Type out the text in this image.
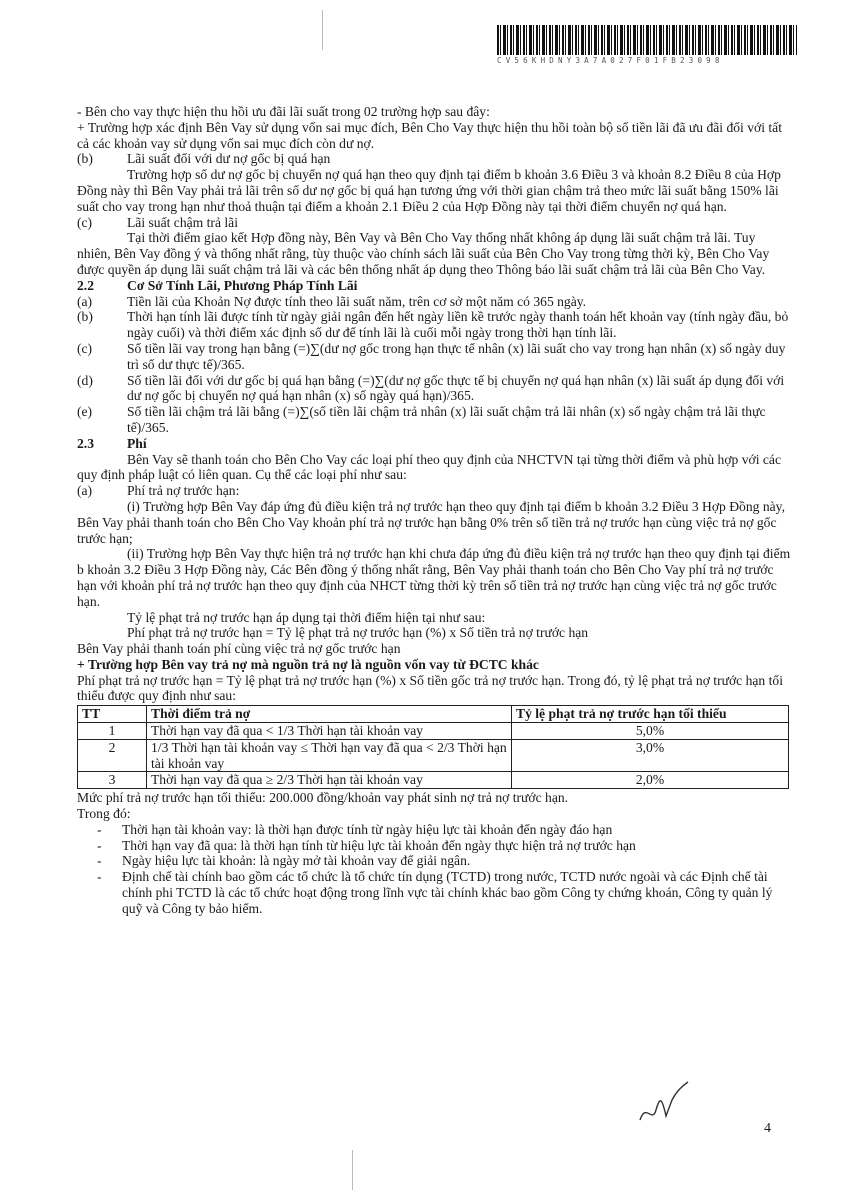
CV56KHDNY3A7A027F01FB23098

- Bên cho vay thực hiện thu hồi ưu đãi lãi suất trong 02 trường hợp sau đây:

+ Trường hợp xác định Bên Vay sử dụng vốn sai mục đích, Bên Cho Vay thực hiện thu hồi toàn bộ số tiền lãi đã ưu đãi đối với tất cả các khoản vay sử dụng vốn sai mục đích còn dư nợ.

(b)	Lãi suất đối với dư nợ gốc bị quá hạn

Trường hợp số dư nợ gốc bị chuyển nợ quá hạn theo quy định tại điểm b khoản 3.6 Điều 3 và khoản 8.2 Điều 8 của Hợp Đồng này thì Bên Vay phải trả lãi trên số dư nợ gốc bị quá hạn tương ứng với thời gian chậm trả theo mức lãi suất bằng 150% lãi suất cho vay trong hạn như thoả thuận tại điểm a khoản 2.1 Điều 2 của Hợp Đồng này tại thời điểm chuyển nợ quá hạn.

(c)	Lãi suất chậm trả lãi

Tại thời điểm giao kết Hợp đồng này, Bên Vay và Bên Cho Vay thống nhất không áp dụng lãi suất chậm trả lãi. Tuy nhiên, Bên Vay đồng ý và thống nhất rằng, tùy thuộc vào chính sách lãi suất của Bên Cho Vay trong từng thời kỳ, Bên Cho Vay được quyền áp dụng lãi suất chậm trả lãi và các bên thống nhất áp dụng theo Thông báo lãi suất chậm trả lãi của Bên Cho Vay.

2.2 Cơ Sở Tính Lãi, Phương Pháp Tính Lãi
(a)	Tiền lãi của Khoản Nợ được tính theo lãi suất năm, trên cơ sở một năm có 365 ngày.
(b)	Thời hạn tính lãi được tính từ ngày giải ngân đến hết ngày liền kề trước ngày thanh toán hết khoản vay (tính ngày đầu, bỏ ngày cuối) và thời điểm xác định số dư để tính lãi là cuối mỗi ngày trong thời hạn tính lãi.
(c)	Số tiền lãi vay trong hạn bằng (=)∑(dư nợ gốc trong hạn thực tế nhân (x) lãi suất cho vay trong hạn nhân (x) số ngày duy trì số dư thực tế)/365.
(d)	Số tiền lãi đối với dư gốc bị quá hạn bằng (=)∑(dư nợ gốc thực tế bị chuyển nợ quá hạn nhân (x) lãi suất áp dụng đối với dư nợ gốc bị chuyển nợ quá hạn nhân (x) số ngày quá hạn)/365.
(e)	Số tiền lãi chậm trả lãi bằng (=)∑(số tiền lãi chậm trả nhân (x) lãi suất chậm trả lãi nhân (x) số ngày chậm trả lãi thực tế)/365.
2.3 Phí

Bên Vay sẽ thanh toán cho Bên Cho Vay các loại phí theo quy định của NHCTVN tại từng thời điểm và phù hợp với các quy định pháp luật có liên quan. Cụ thể các loại phí như sau:

(a)	Phí trả nợ trước hạn:

(i) Trường hợp Bên Vay đáp ứng đủ điều kiện trả nợ trước hạn theo quy định tại điểm b khoản 3.2 Điều 3 Hợp Đồng này, Bên Vay phải thanh toán cho Bên Cho Vay khoản phí trả nợ trước hạn bằng 0% trên số tiền trả nợ trước hạn cùng việc trả nợ gốc trước hạn;

(ii) Trường hợp Bên Vay thực hiện trả nợ trước hạn khi chưa đáp ứng đủ điều kiện trả nợ trước hạn theo quy định tại điểm b khoản 3.2 Điều 3 Hợp Đồng này, Các Bên đồng ý thống nhất rằng, Bên Vay phải thanh toán cho Bên Cho Vay phí trả nợ trước hạn với khoản phí trả nợ trước hạn theo quy định của NHCT từng thời kỳ trên số tiền trả nợ trước hạn cùng việc trả nợ gốc trước hạn.

Tỷ lệ phạt trả nợ trước hạn áp dụng tại thời điểm hiện tại như sau:

Phí phạt trả nợ trước hạn = Tỷ lệ phạt trả nợ trước hạn (%) x Số tiền trả nợ trước hạn

Bên Vay phải thanh toán phí cùng việc trả nợ gốc trước hạn

+ Trường hợp Bên vay trả nợ mà nguồn trả nợ là nguồn vốn vay từ ĐCTC khác

Phí phạt trả nợ trước hạn = Tỷ lệ phạt trả nợ trước hạn (%) x Số tiền gốc trả nợ trước hạn. Trong đó, tỷ lệ phạt trả nợ trước hạn tối thiểu được quy định như sau:

TT	Thời điểm trả nợ	Tỷ lệ phạt trả nợ trước hạn tối thiểu
1	Thời hạn vay đã qua < 1/3 Thời hạn tài khoản vay	5,0%
2	1/3 Thời hạn tài khoản vay ≤ Thời hạn vay đã qua < 2/3 Thời hạn tài khoản vay	3,0%
3	Thời hạn vay đã qua ≥ 2/3 Thời hạn tài khoản vay	2,0%

Mức phí trả nợ trước hạn tối thiểu: 200.000 đồng/khoản vay phát sinh nợ trả nợ trước hạn.

Trong đó:

- Thời hạn tài khoản vay: là thời hạn được tính từ ngày hiệu lực tài khoản đến ngày đáo hạn
- Thời hạn vay đã qua: là thời hạn tính từ hiệu lực tài khoản đến ngày thực hiện trả nợ trước hạn
- Ngày hiệu lực tài khoản: là ngày mở tài khoản vay để giải ngân.
- Định chế tài chính bao gồm các tổ chức là tổ chức tín dụng (TCTD) trong nước, TCTD nước ngoài và các Định chế tài chính phi TCTD là các tổ chức hoạt động trong lĩnh vực tài chính khác bao gồm Công ty chứng khoán, Công ty quản lý quỹ và Công ty bảo hiểm.
4
